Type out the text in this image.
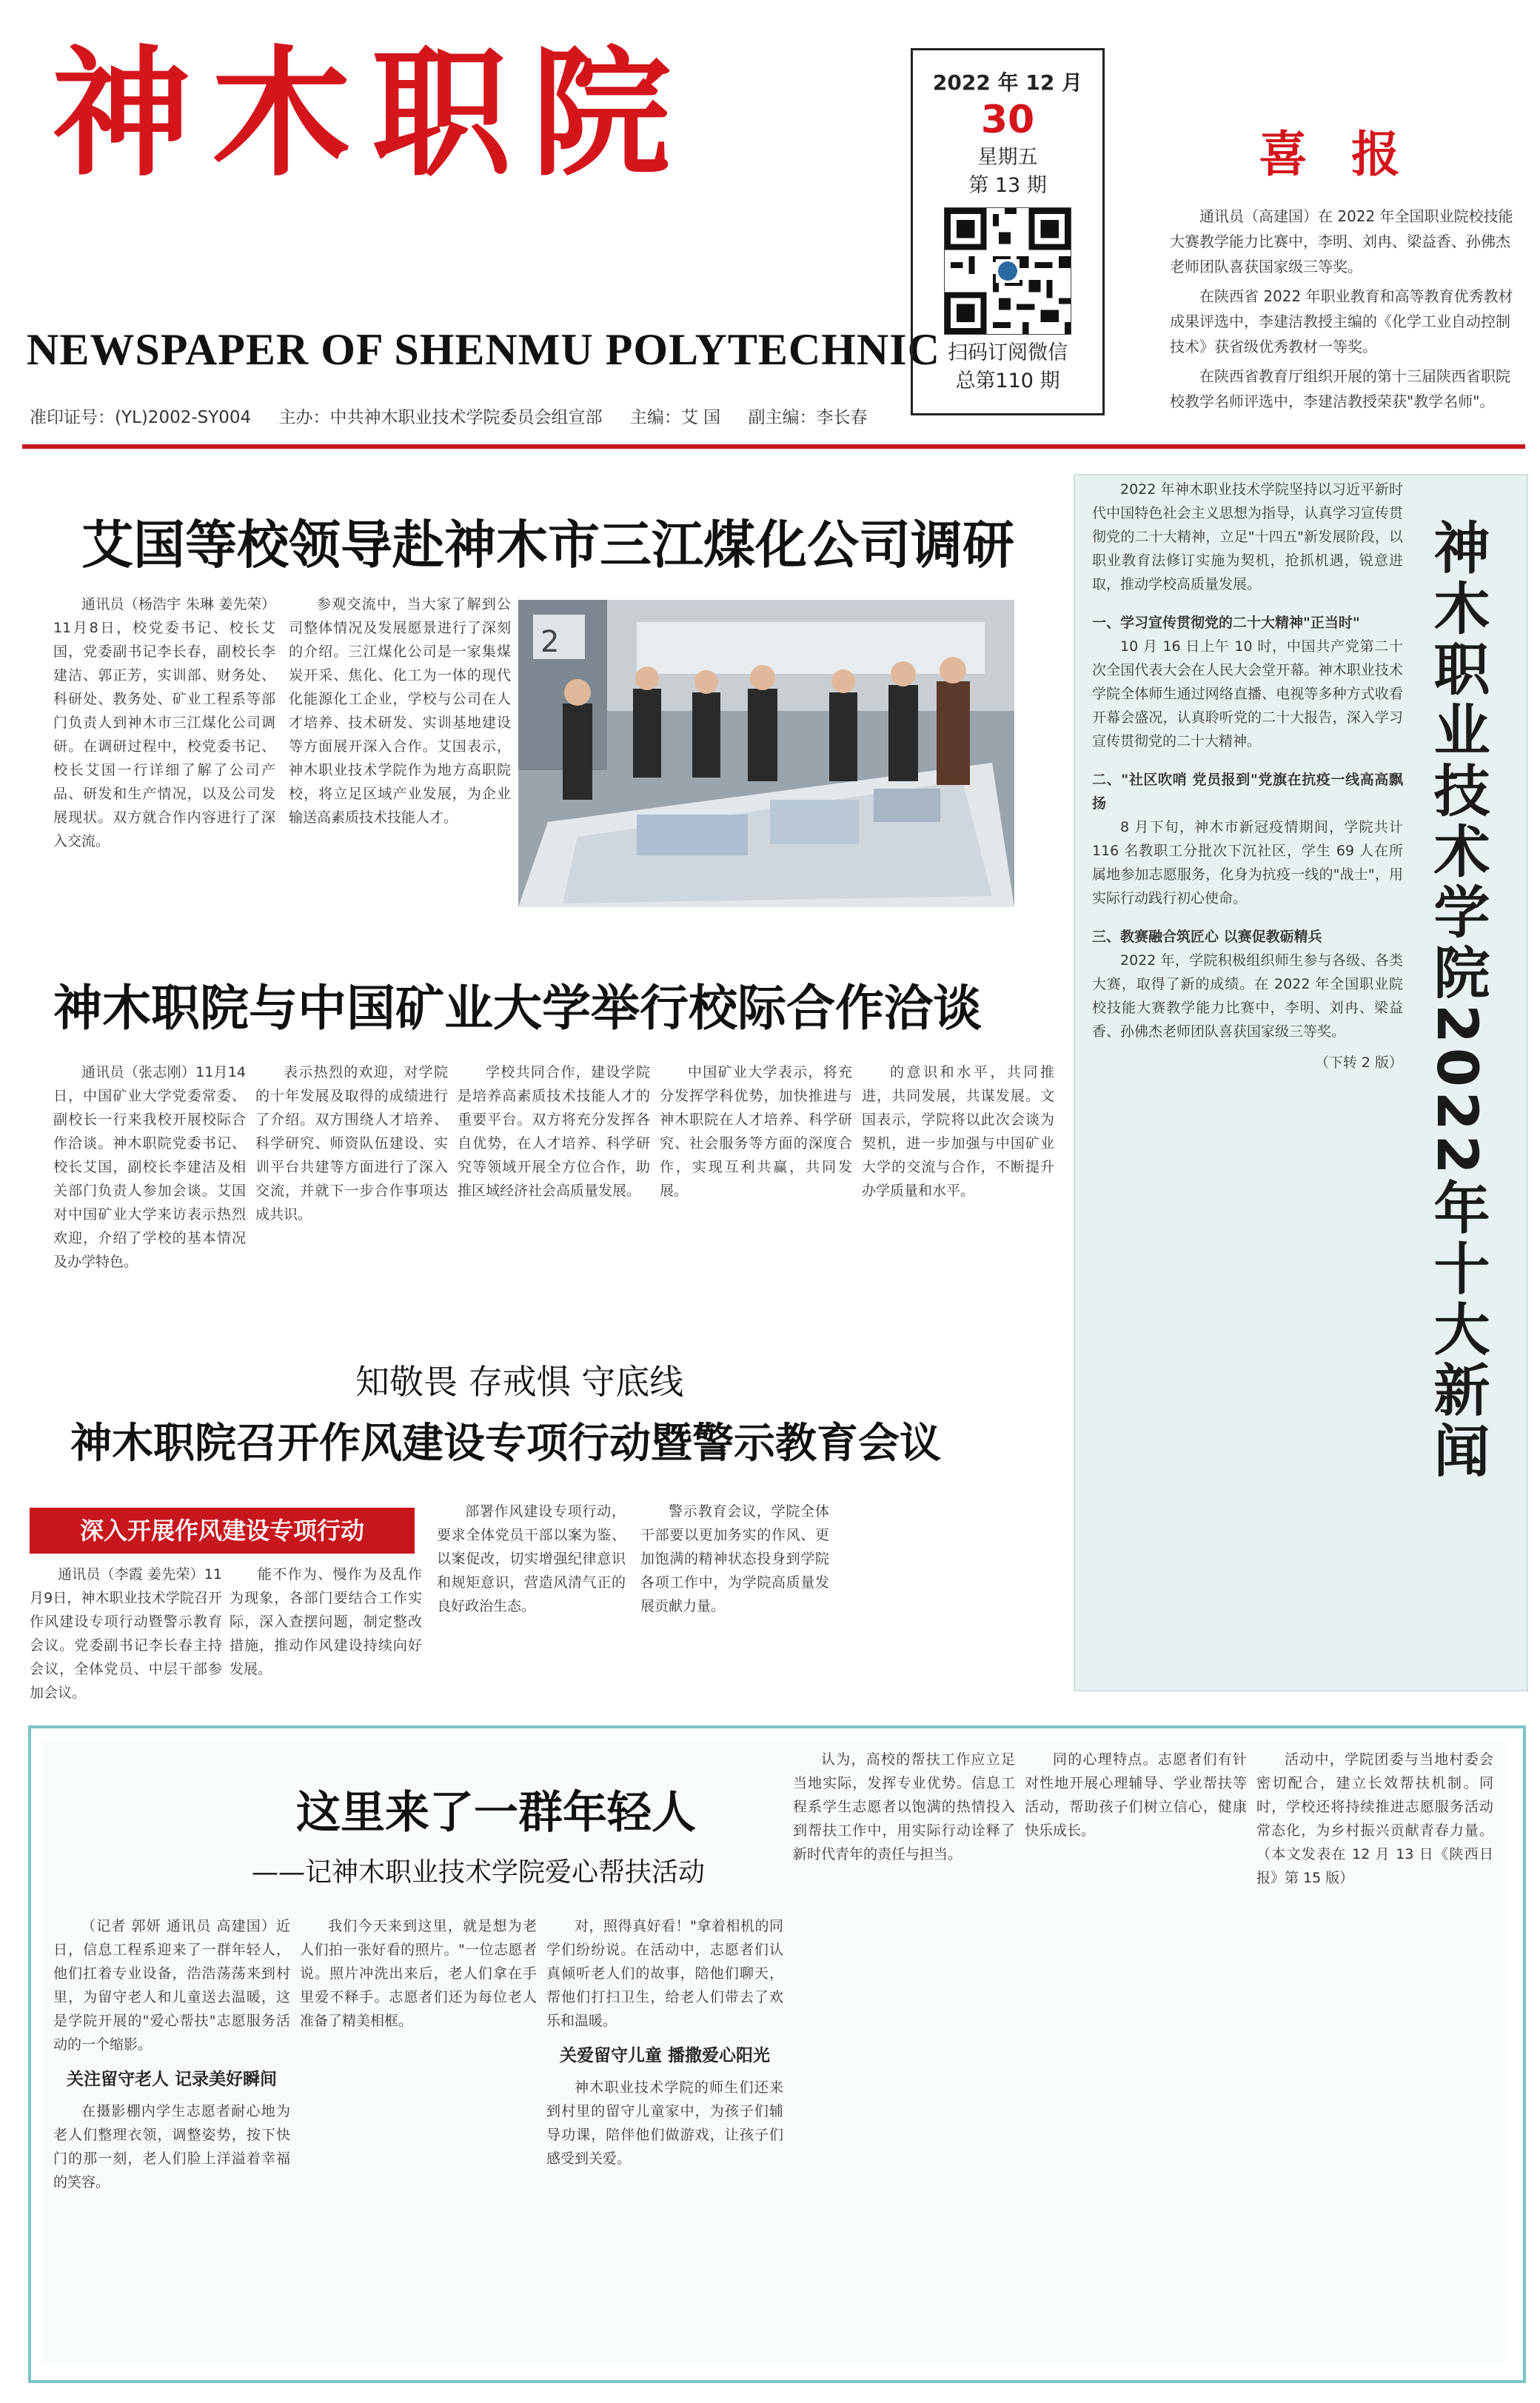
神木职院
NEWSPAPER OF SHENMU POLYTECHNIC
准印证号：(YL)2002-SY004 主办：中共神木职业技术学院委员会组宣部 主编：艾 国 副主编：李长春
2022 年 12 月
30
星期五
第 13 期
扫码订阅微信
总第110 期
喜 报

通讯员（高建国）在 2022 年全国职业院校技能大赛教学能力比赛中，李明、刘冉、梁益香、孙佛杰老师团队喜获国家级三等奖。

在陕西省 2022 年职业教育和高等教育优秀教材成果评选中，李建洁教授主编的《化学工业自动控制技术》获省级优秀教材一等奖。

在陕西省教育厅组织开展的第十三届陕西省职院校教学名师评选中，李建洁教授荣获"教学名师"。

艾国等校领导赴神木市三江煤化公司调研

通讯员（杨浩宇 朱琳 姜先荣）11月8日，校党委书记、校长艾国，党委副书记李长春，副校长李建洁、郭正芳，实训部、财务处、科研处、教务处、矿业工程系等部门负责人到神木市三江煤化公司调研。在调研过程中，校党委书记、校长艾国一行详细了解了公司产品、研发和生产情况，以及公司发展现状。双方就合作内容进行了深入交流。

参观交流中，当大家了解到公司整体情况及发展愿景进行了深刻的介绍。三江煤化公司是一家集煤炭开采、焦化、化工为一体的现代化能源化工企业，学校与公司在人才培养、技术研发、实训基地建设等方面展开深入合作。艾国表示，神木职业技术学院作为地方高职院校，将立足区域产业发展，为企业输送高素质技术技能人才。

2
神木职院与中国矿业大学举行校际合作洽谈

通讯员（张志刚）11月14日，中国矿业大学党委常委、副校长一行来我校开展校际合作洽谈。神木职院党委书记、校长艾国，副校长李建洁及相关部门负责人参加会谈。艾国对中国矿业大学来访表示热烈欢迎，介绍了学校的基本情况及办学特色。

表示热烈的欢迎，对学院的十年发展及取得的成绩进行了介绍。双方围绕人才培养、科学研究、师资队伍建设、实训平台共建等方面进行了深入交流，并就下一步合作事项达成共识。

学校共同合作，建设学院是培养高素质技术技能人才的重要平台。双方将充分发挥各自优势，在人才培养、科学研究等领域开展全方位合作，助推区域经济社会高质量发展。

中国矿业大学表示，将充分发挥学科优势，加快推进与神木职院在人才培养、科学研究、社会服务等方面的深度合作，实现互利共赢，共同发展。

的意识和水平，共同推进，共同发展，共谋发展。文国表示，学院将以此次会谈为契机，进一步加强与中国矿业大学的交流与合作，不断提升办学质量和水平。

知敬畏 存戒惧 守底线
神木职院召开作风建设专项行动暨警示教育会议
深入开展作风建设专项行动

通讯员（李霞 姜先荣）11月9日，神木职业技术学院召开作风建设专项行动暨警示教育会议。党委副书记李长春主持会议，全体党员、中层干部参加会议。

能不作为、慢作为及乱作为现象，各部门要结合工作实际，深入查摆问题，制定整改措施，推动作风建设持续向好发展。

部署作风建设专项行动，要求全体党员干部以案为鉴、以案促改，切实增强纪律意识和规矩意识，营造风清气正的良好政治生态。

警示教育会议，学院全体干部要以更加务实的作风、更加饱满的精神状态投身到学院各项工作中，为学院高质量发展贡献力量。

2022 年神木职业技术学院坚持以习近平新时代中国特色社会主义思想为指导，认真学习宣传贯彻党的二十大精神，立足"十四五"新发展阶段，以职业教育法修订实施为契机，抢抓机遇，锐意进取，推动学校高质量发展。

一、学习宣传贯彻党的二十大精神"正当时"

10 月 16 日上午 10 时，中国共产党第二十次全国代表大会在人民大会堂开幕。神木职业技术学院全体师生通过网络直播、电视等多种方式收看开幕会盛况，认真聆听党的二十大报告，深入学习宣传贯彻党的二十大精神。

二、"社区吹哨 党员报到"党旗在抗疫一线高高飘扬

8 月下旬，神木市新冠疫情期间，学院共计 116 名教职工分批次下沉社区，学生 69 人在所属地参加志愿服务，化身为抗疫一线的"战士"，用实际行动践行初心使命。

三、教赛融合筑匠心 以赛促教砺精兵

2022 年，学院积极组织师生参与各级、各类大赛，取得了新的成绩。在 2022 年全国职业院校技能大赛教学能力比赛中，李明、刘冉、梁益香、孙佛杰老师团队喜获国家级三等奖。

（下转 2 版） 神木职业技术学院2022年十大新闻
这里来了一群年轻人
——记神木职业技术学院爱心帮扶活动

（记者 郭妍 通讯员 高建国）近日，信息工程系迎来了一群年轻人，他们扛着专业设备，浩浩荡荡来到村里，为留守老人和儿童送去温暖，这是学院开展的"爱心帮扶"志愿服务活动的一个缩影。

关注留守老人 记录美好瞬间

在摄影棚内学生志愿者耐心地为老人们整理衣领，调整姿势，按下快门的那一刻，老人们脸上洋溢着幸福的笑容。

我们今天来到这里，就是想为老人们拍一张好看的照片。"一位志愿者说。照片冲洗出来后，老人们拿在手里爱不释手。志愿者们还为每位老人准备了精美相框。

对，照得真好看！"拿着相机的同学们纷纷说。在活动中，志愿者们认真倾听老人们的故事，陪他们聊天，帮他们打扫卫生，给老人们带去了欢乐和温暖。

关爱留守儿童 播撒爱心阳光

神木职业技术学院的师生们还来到村里的留守儿童家中，为孩子们辅导功课，陪伴他们做游戏，让孩子们感受到关爱。

认为，高校的帮扶工作应立足当地实际，发挥专业优势。信息工程系学生志愿者以饱满的热情投入到帮扶工作中，用实际行动诠释了新时代青年的责任与担当。

同的心理特点。志愿者们有针对性地开展心理辅导、学业帮扶等活动，帮助孩子们树立信心，健康快乐成长。

活动中，学院团委与当地村委会密切配合，建立长效帮扶机制。同时，学校还将持续推进志愿服务活动常态化，为乡村振兴贡献青春力量。（本文发表在 12 月 13 日《陕西日报》第 15 版）
